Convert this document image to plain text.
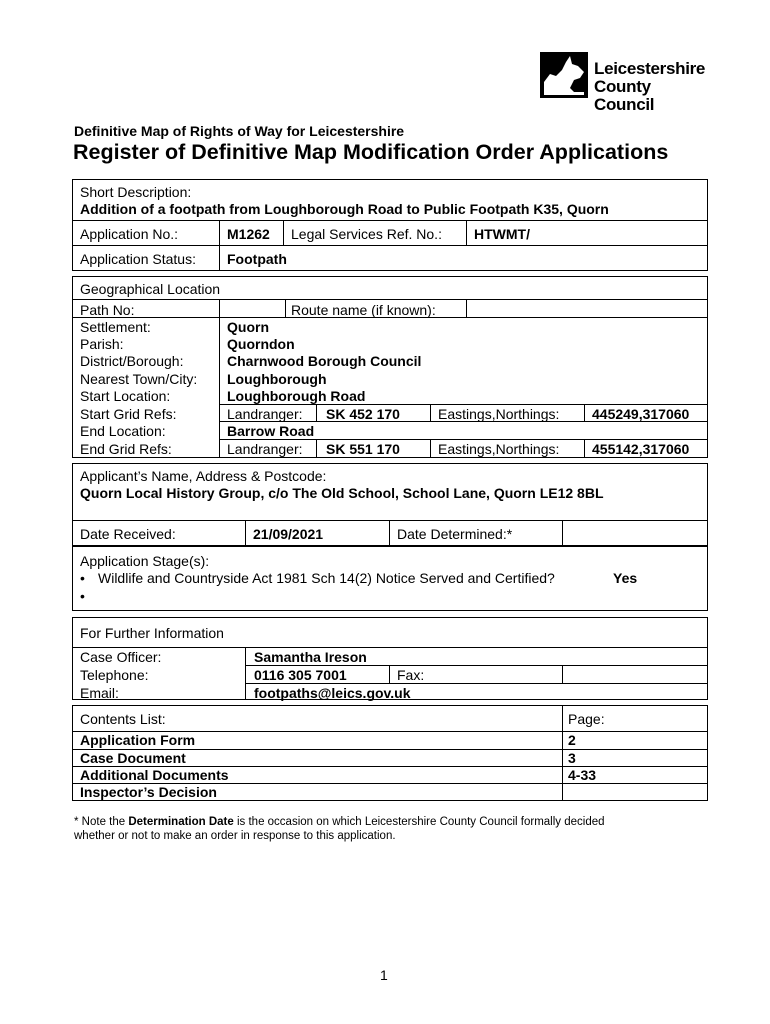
Leicestershire
County Council
Definitive Map of Rights of Way for Leicestershire
Register of Definitive Map Modification Order Applications
Short Description:
Addition of a footpath from Loughborough Road to Public Footpath K35, Quorn
Application No.:	M1262 Legal Services Ref. No.: HTWMT/
Application Status: Footpath
Geographical Location
Path No:	Route name (if known):
Settlement:	Quorn
Parish:	Quorndon
District/Borough:	Charnwood Borough Council
Nearest Town/City: Loughborough
Start Location:	Loughborough Road
Start Grid Refs:	Landranger: SK 452 170	Eastings,Northings: 445249,317060
End Location:	Barrow Road
End Grid Refs:	Landranger: SK 551 170	Eastings,Northings: 455142,317060
Applicant’s Name, Address & Postcode:
Quorn Local History Group, c/o The Old School, School Lane, Quorn LE12 8BL
Date Received:	21/09/2021	Date Determined:*
Application Stage(s):
• Wildlife and Countryside Act 1981 Sch 14(2) Notice Served and Certified?	Yes
•
For Further Information
Case Officer:	Samantha Ireson
Telephone:	0116 305 7001	Fax:
Email:	footpaths@leics.gov.uk
Contents List:	Page:
Application Form	2
Case Document	3
Additional Documents	4-33
Inspector’s Decision
* Note the Determination Date is the occasion on which Leicestershire County Council formally decided
whether or not to make an order in response to this application.
1
